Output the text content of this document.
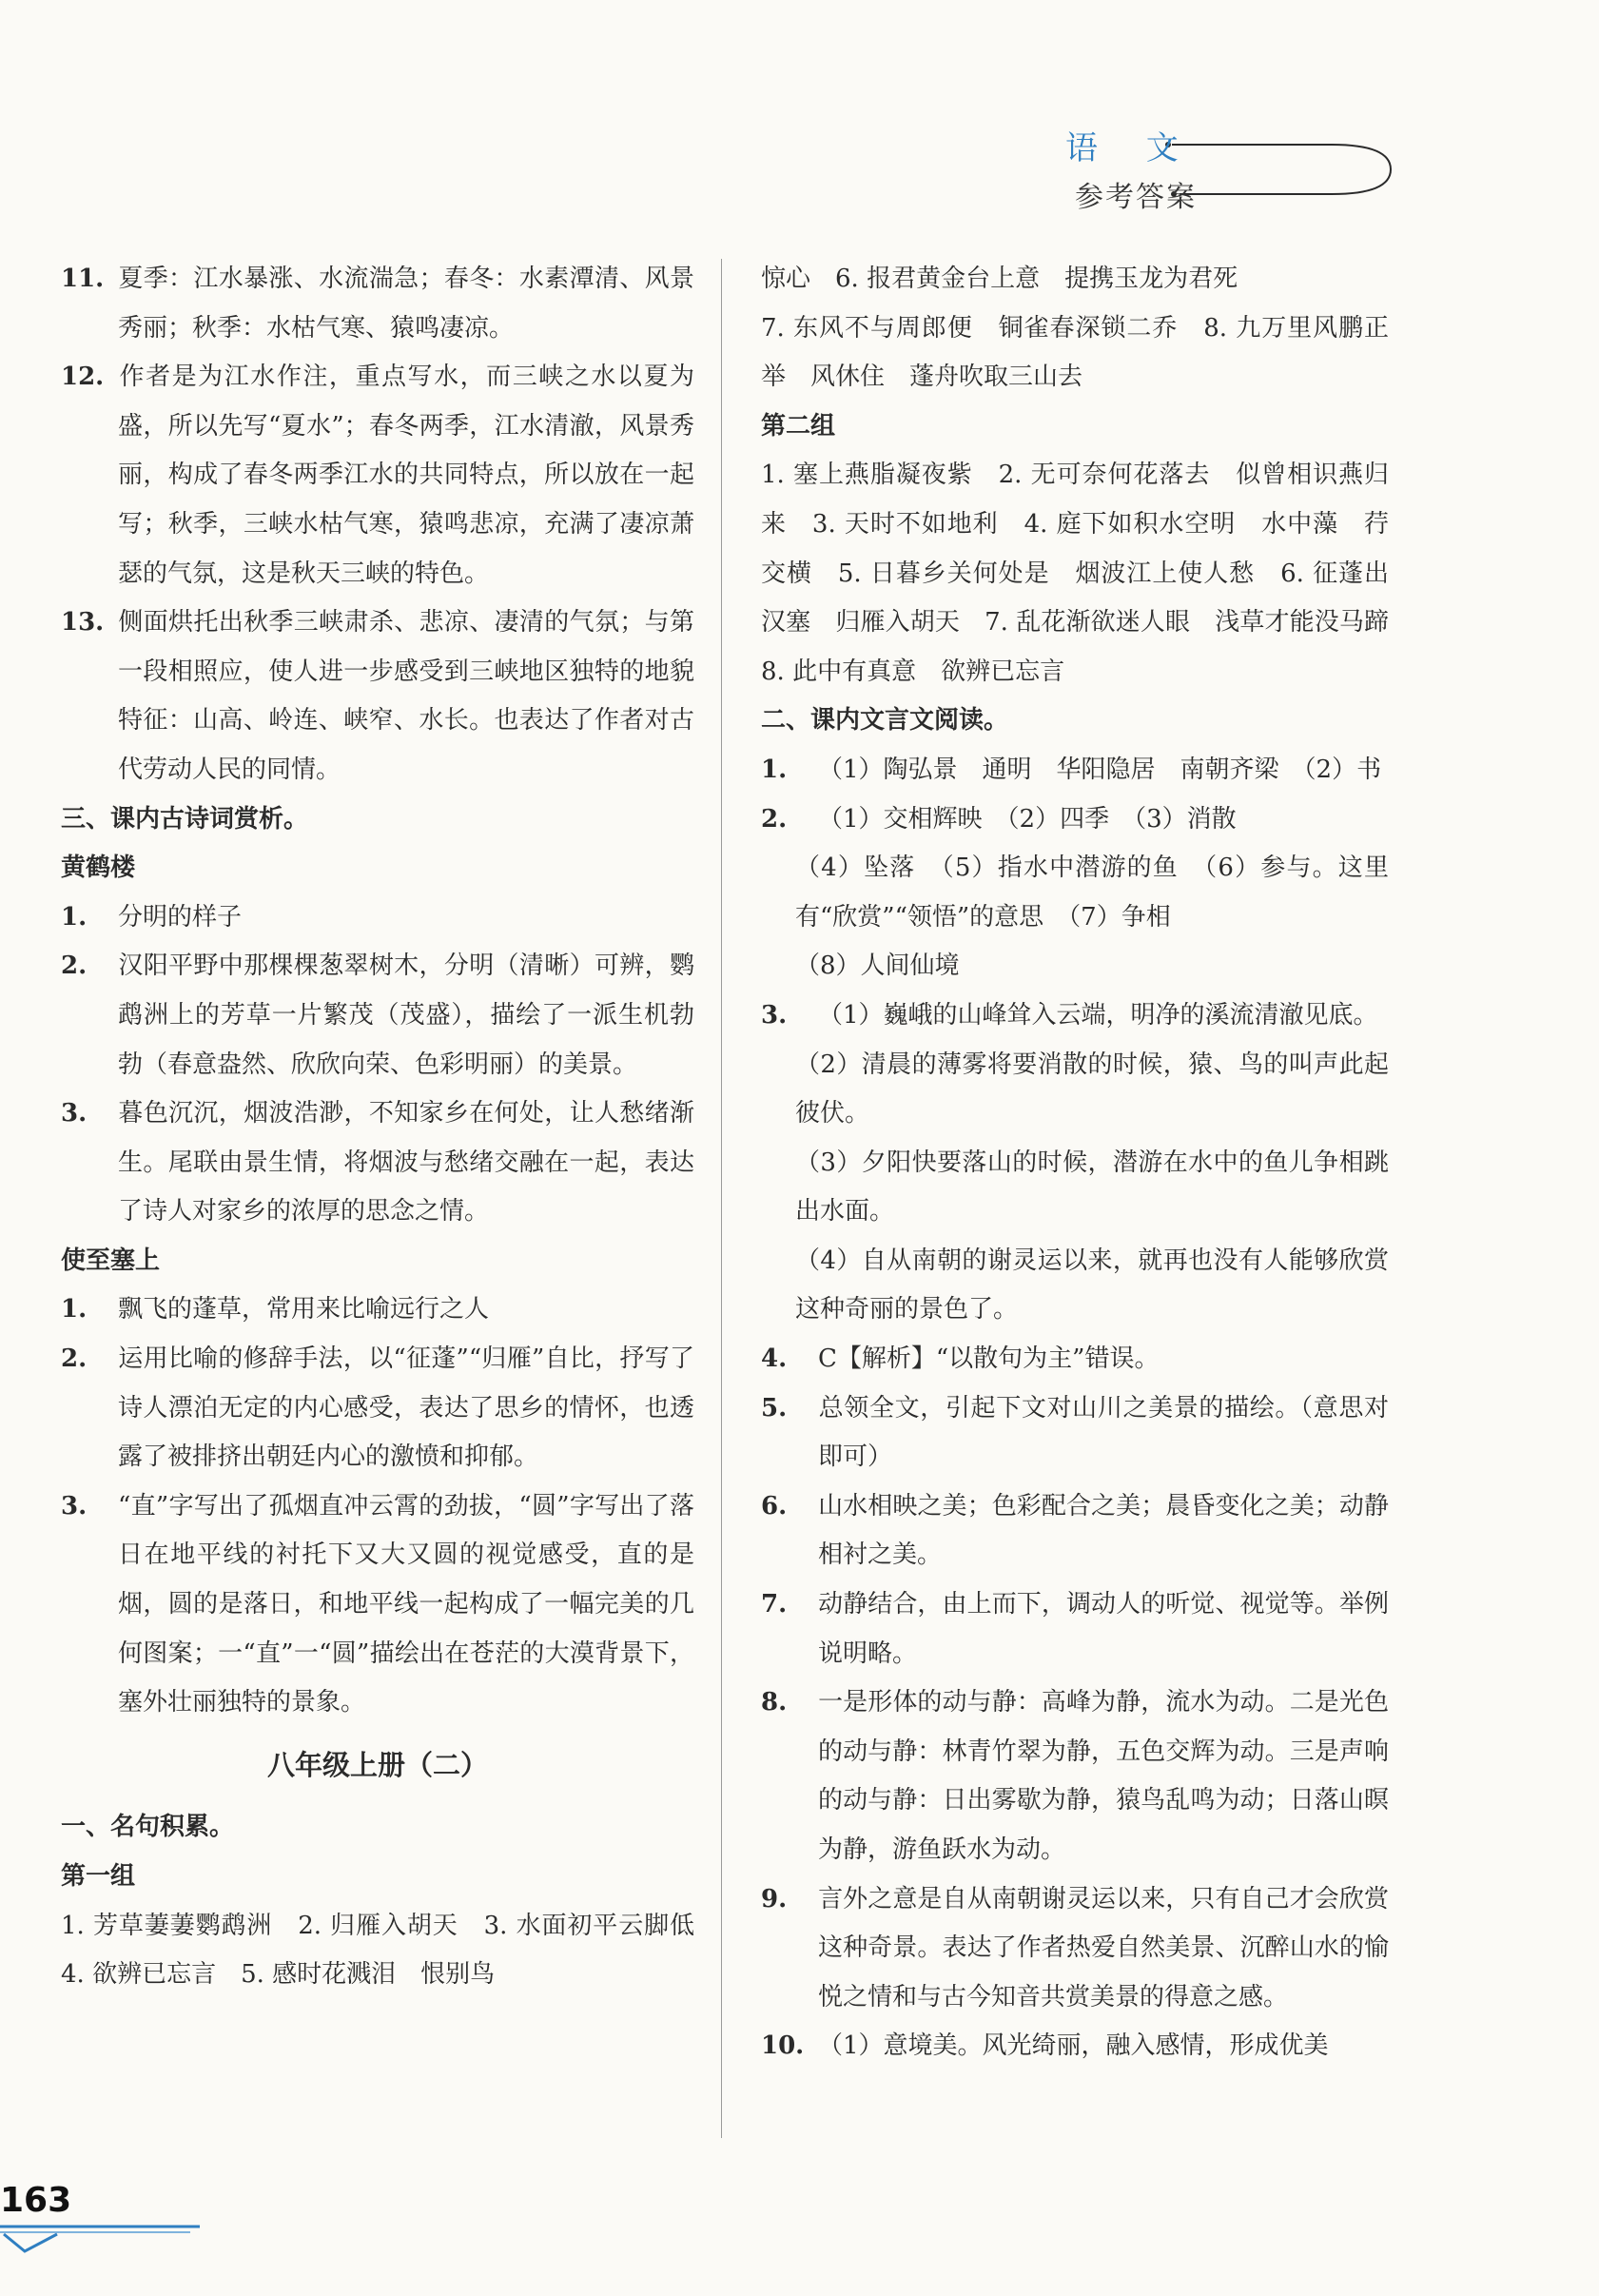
语 文
参考答案

11. 夏季：江水暴涨、水流湍急；春冬：水素潭清、风景秀丽；秋季：水枯气寒、猿鸣凄凉。

12. 作者是为江水作注，重点写水，而三峡之水以夏为盛，所以先写“夏水”；春冬两季，江水清澈，风景秀丽，构成了春冬两季江水的共同特点，所以放在一起写；秋季，三峡水枯气寒，猿鸣悲凉，充满了凄凉萧瑟的气氛，这是秋天三峡的特色。

13. 侧面烘托出秋季三峡肃杀、悲凉、凄清的气氛；与第一段相照应，使人进一步感受到三峡地区独特的地貌特征：山高、岭连、峡窄、水长。也表达了作者对古代劳动人民的同情。

三、课内古诗词赏析。

黄鹤楼

1. 分明的样子

2. 汉阳平野中那棵棵葱翠树木，分明（清晰）可辨，鹦鹉洲上的芳草一片繁茂（茂盛），描绘了一派生机勃勃（春意盎然、欣欣向荣、色彩明丽）的美景。

3. 暮色沉沉，烟波浩渺，不知家乡在何处，让人愁绪渐生。尾联由景生情，将烟波与愁绪交融在一起，表达了诗人对家乡的浓厚的思念之情。

使至塞上

1. 飘飞的蓬草，常用来比喻远行之人

2. 运用比喻的修辞手法，以“征蓬”“归雁”自比，抒写了诗人漂泊无定的内心感受，表达了思乡的情怀，也透露了被排挤出朝廷内心的激愤和抑郁。

3. “直”字写出了孤烟直冲云霄的劲拔，“圆”字写出了落日在地平线的衬托下又大又圆的视觉感受，直的是烟，圆的是落日，和地平线一起构成了一幅完美的几何图案；一“直”一“圆”描绘出在苍茫的大漠背景下，塞外壮丽独特的景象。

八年级上册（二）

一、名句积累。

第一组

1. 芳草萋萋鹦鹉洲　2. 归雁入胡天　3. 水面初平云脚低　4. 欲辨已忘言　5. 感时花溅泪　恨别鸟

惊心　6. 报君黄金台上意　提携玉龙为君死

7. 东风不与周郎便　铜雀春深锁二乔　8. 九万里风鹏正举　风休住　蓬舟吹取三山去

第二组

1. 塞上燕脂凝夜紫　2. 无可奈何花落去　似曾相识燕归来　3. 天时不如地利　4. 庭下如积水空明　水中藻　荇交横　5. 日暮乡关何处是　烟波江上使人愁　6. 征蓬出汉塞　归雁入胡天　7. 乱花渐欲迷人眼　浅草才能没马蹄　8. 此中有真意　欲辨已忘言

二、课内文言文阅读。

1. （1）陶弘景　通明　华阳隐居　南朝齐梁　（2）书

2. （1）交相辉映　（2）四季　（3）消散

（4）坠落　（5）指水中潜游的鱼　（6）参与。这里有“欣赏”“领悟”的意思　（7）争相

（8）人间仙境

3. （1）巍峨的山峰耸入云端，明净的溪流清澈见底。

（2）清晨的薄雾将要消散的时候，猿、鸟的叫声此起彼伏。

（3）夕阳快要落山的时候，潜游在水中的鱼儿争相跳出水面。

（4）自从南朝的谢灵运以来，就再也没有人能够欣赏这种奇丽的景色了。

4. C【解析】“以散句为主”错误。

5. 总领全文，引起下文对山川之美景的描绘。（意思对即可）

6. 山水相映之美；色彩配合之美；晨昏变化之美；动静相衬之美。

7. 动静结合，由上而下，调动人的听觉、视觉等。举例说明略。

8. 一是形体的动与静：高峰为静，流水为动。二是光色的动与静：林青竹翠为静，五色交辉为动。三是声响的动与静：日出雾歇为静，猿鸟乱鸣为动；日落山暝为静，游鱼跃水为动。

9. 言外之意是自从南朝谢灵运以来，只有自己才会欣赏这种奇景。表达了作者热爱自然美景、沉醉山水的愉悦之情和与古今知音共赏美景的得意之感。

10. （1）意境美。风光绮丽，融入感情，形成优美

163
